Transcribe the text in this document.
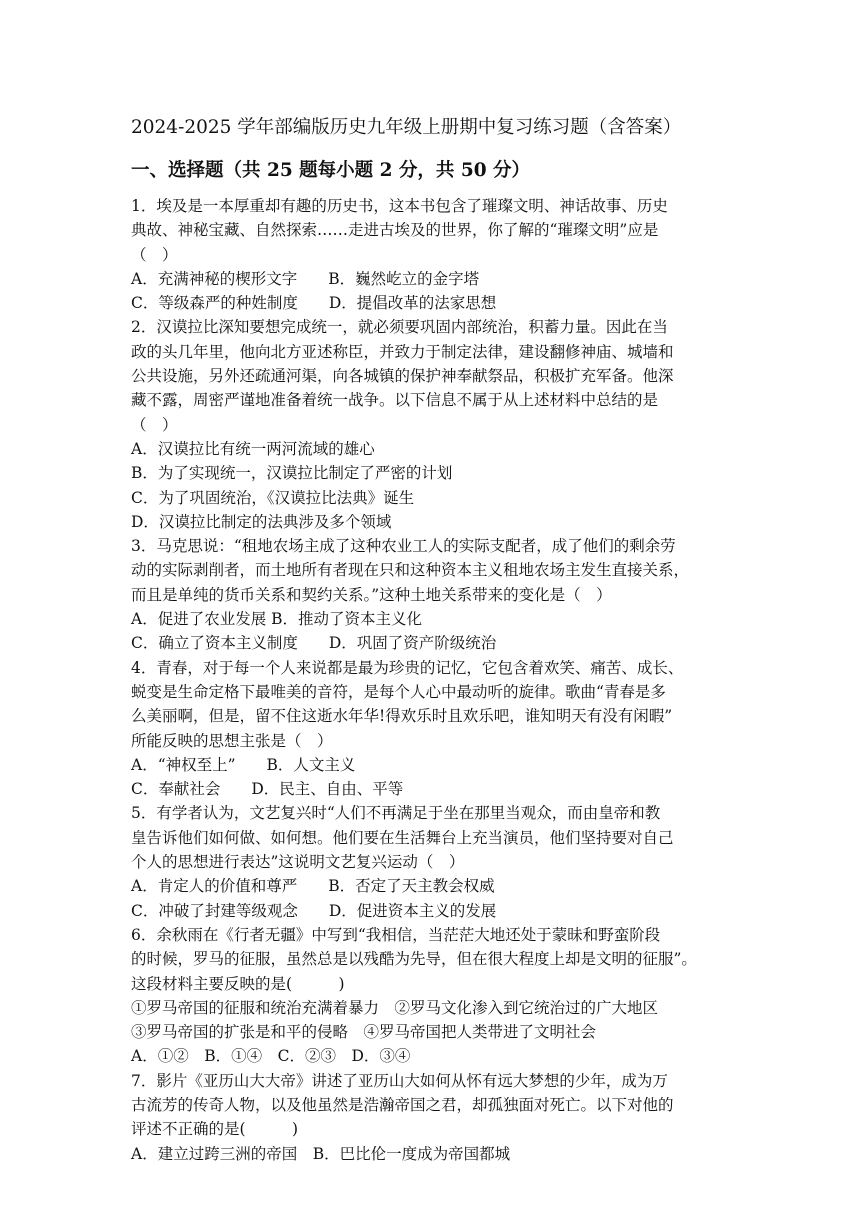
2024-2025 学年部编版历史九年级上册期中复习练习题（含答案）
一、选择题（共 25 题每小题 2 分，共 50 分）

1．埃及是一本厚重却有趣的历史书，这本书包含了璀璨文明、神话故事、历史

典故、神秘宝藏、自然探索……走进古埃及的世界，你了解的“璀璨文明”应是

（　）

A．充满神秘的楔形文字　　B．巍然屹立的金字塔

C．等级森严的种姓制度　　D．提倡改革的法家思想

2．汉谟拉比深知要想完成统一，就必须要巩固内部统治，积蓄力量。因此在当

政的头几年里，他向北方亚述称臣，并致力于制定法律，建设翻修神庙、城墙和

公共设施，另外还疏通河渠，向各城镇的保护神奉献祭品，积极扩充军备。他深

藏不露，周密严谨地准备着统一战争。以下信息不属于从上述材料中总结的是

（　）

A．汉谟拉比有统一两河流域的雄心

B．为了实现统一，汉谟拉比制定了严密的计划

C．为了巩固统治，《汉谟拉比法典》诞生

D．汉谟拉比制定的法典涉及多个领域

3．马克思说：“租地农场主成了这种农业工人的实际支配者，成了他们的剩余劳

动的实际剥削者，而土地所有者现在只和这种资本主义租地农场主发生直接关系，

而且是单纯的货币关系和契约关系。”这种土地关系带来的变化是（　）

A．促进了农业发展 B．推动了资本主义化

C．确立了资本主义制度　　D．巩固了资产阶级统治

4．青春，对于每一个人来说都是最为珍贵的记忆，它包含着欢笑、痛苦、成长、

蜕变是生命定格下最唯美的音符，是每个人心中最动听的旋律。歌曲“青春是多

么美丽啊，但是，留不住这逝水年华!得欢乐时且欢乐吧，谁知明天有没有闲暇”

所能反映的思想主张是（　）

A．“神权至上”　　B．人文主义

C．奉献社会　　D．民主、自由、平等

5．有学者认为，文艺复兴时“人们不再满足于坐在那里当观众，而由皇帝和教

皇告诉他们如何做、如何想。他们要在生活舞台上充当演员，他们坚持要对自己

个人的思想进行表达”这说明文艺复兴运动（　）

A．肯定人的价值和尊严　　B．否定了天主教会权威

C．冲破了封建等级观念　　D．促进资本主义的发展

6．余秋雨在《行者无疆》中写到“我相信，当茫茫大地还处于蒙昧和野蛮阶段

的时候，罗马的征服，虽然总是以残酷为先导，但在很大程度上却是文明的征服”。

这段材料主要反映的是(　　　)

①罗马帝国的征服和统治充满着暴力　②罗马文化渗入到它统治过的广大地区

③罗马帝国的扩张是和平的侵略　④罗马帝国把人类带进了文明社会

A．①②　B．①④　C．②③　D．③④

7．影片《亚历山大大帝》讲述了亚历山大如何从怀有远大梦想的少年，成为万

古流芳的传奇人物，以及他虽然是浩瀚帝国之君，却孤独面对死亡。以下对他的

评述不正确的是(　　　)

A．建立过跨三洲的帝国　B．巴比伦一度成为帝国都城
